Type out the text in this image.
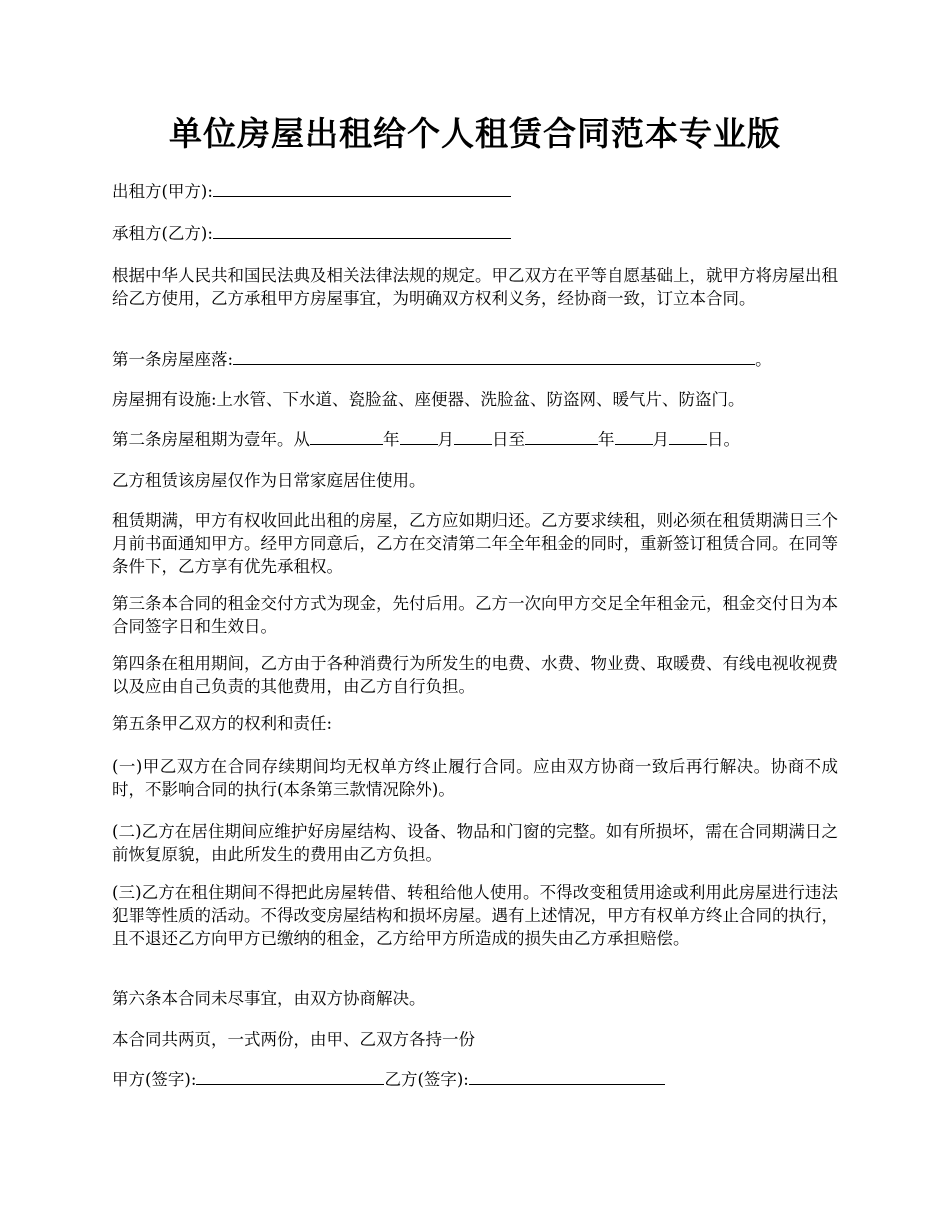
单位房屋出租给个人租赁合同范本专业版
出租方(甲方):
承租方(乙方):
根据中华人民共和国民法典及相关法律法规的规定。甲乙双方在平等自愿基础上，就甲方将房屋出租给乙方使用，乙方承租甲方房屋事宜，为明确双方权利义务，经协商一致，订立本合同。
第一条房屋座落:	。
房屋拥有设施:上水管、下水道、瓷脸盆、座便器、洗脸盆、防盗网、暖气片、防盗门。
第二条房屋租期为壹年。从	年 月 日至	年 月 日。
乙方租赁该房屋仅作为日常家庭居住使用。
租赁期满，甲方有权收回此出租的房屋，乙方应如期归还。乙方要求续租，则必须在租赁期满日三个月前书面通知甲方。经甲方同意后，乙方在交清第二年全年租金的同时，重新签订租赁合同。在同等条件下，乙方享有优先承租权。
第三条本合同的租金交付方式为现金，先付后用。乙方一次向甲方交足全年租金元，租金交付日为本合同签字日和生效日。
第四条在租用期间，乙方由于各种消费行为所发生的电费、水费、物业费、取暖费、有线电视收视费以及应由自己负责的其他费用，由乙方自行负担。
第五条甲乙双方的权利和责任:
(一)甲乙双方在合同存续期间均无权单方终止履行合同。应由双方协商一致后再行解决。协商不成时，不影响合同的执行(本条第三款情况除外)。
(二)乙方在居住期间应维护好房屋结构、设备、物品和门窗的完整。如有所损坏，需在合同期满日之前恢复原貌，由此所发生的费用由乙方负担。
(三)乙方在租住期间不得把此房屋转借、转租给他人使用。不得改变租赁用途或利用此房屋进行违法犯罪等性质的活动。不得改变房屋结构和损坏房屋。遇有上述情况，甲方有权单方终止合同的执行，且不退还乙方向甲方已缴纳的租金，乙方给甲方所造成的损失由乙方承担赔偿。
第六条本合同未尽事宜，由双方协商解决。
本合同共两页，一式两份，由甲、乙双方各持一份
甲方(签字):	乙方(签字):
